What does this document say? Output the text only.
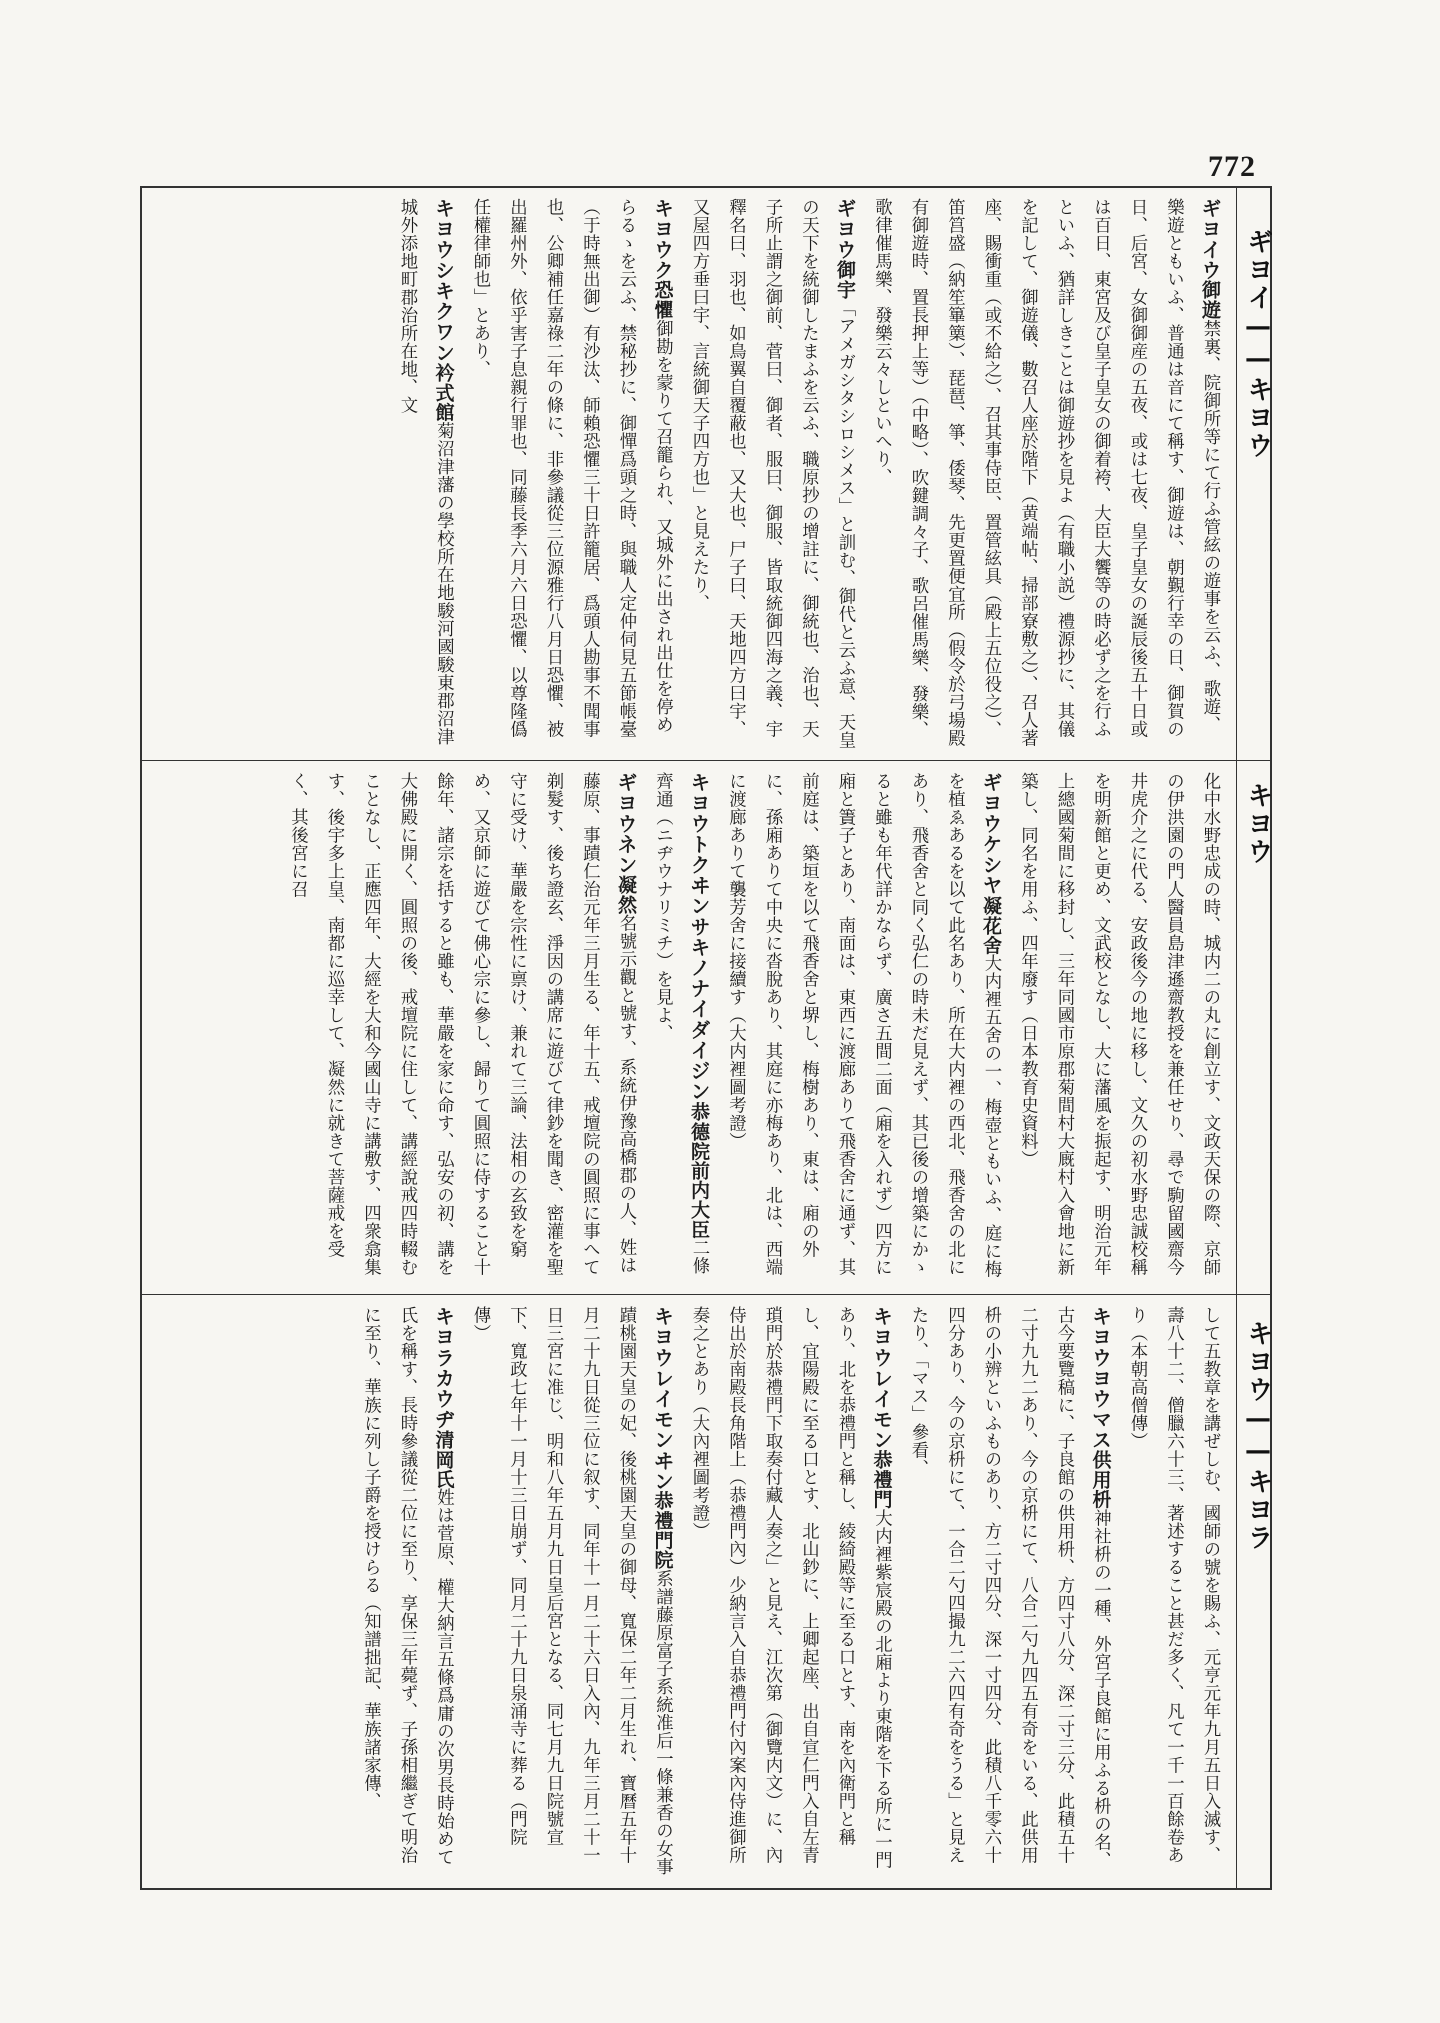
772
ギヨイ——キヨウ
キヨウ
キヨウ——キヨラ
ギヨイウ御遊禁裏、院御所等にて行ふ管絃の遊事を云ふ、歌遊、樂遊ともいふ、普通は音にて稱す、御遊は、朝覲行幸の日、御賀の日、后宮、女御御産の五夜、或は七夜、皇子皇女の誕辰後五十日或は百日、東宮及び皇子皇女の御着袴、大臣大饗等の時必ず之を行ふといふ、猶詳しきことは御遊抄を見よ（有職小説）禮源抄に、其儀を記して、御遊儀、數召人座於階下（黄端帖、掃部寮敷之）、召人著座、賜衝重（或不給之）、召其事侍臣、置管絃具（殿上五位役之）、笛筥盛（納笙篳篥）、琵琶、箏、倭琴、先更置便宜所（假令於弓場殿有御遊時、置長押上等）（中略）、吹鍵調々子、歌呂催馬樂、發樂、歌律催馬樂、發樂云々しといへり、
ギヨウ御宇「アメガシタシロシメス」と訓む、御代と云ふ意、天皇の天下を統御したまふを云ふ、職原抄の增註に、御統也、治也、天子所止謂之御前、菅曰、御者、服曰、御服、皆取統御四海之義、宇釋名曰、羽也、如鳥翼自覆蔽也、又大也、尸子曰、天地四方曰宇、又屋四方垂曰宇、言統御天子四方也」と見えたり、
キヨウク恐懼御勘を蒙りて召籠られ、又城外に出され出仕を停めらるゝを云ふ、禁秘抄に、御憚爲頭之時、與職人定仲伺見五節帳臺（于時無出御）有沙汰、師賴恐懼三十日許籠居、爲頭人勘事不聞事也、公卿補任嘉祿二年の條に、非參議從三位源雅行八月日恐懼、被出羅州外、依乎害子息親行罪也、同藤長季六月六日恐懼、以尊隆僞任權律師也」とあり、
キヨウシキクワン衿式館菊沼津藩の學校所在地駿河國駿東郡沼津城外添地町郡治所在地、文
化中水野忠成の時、城内二の丸に創立す、文政天保の際、京師の伊洪園の門人醫員島津遜齋教授を兼任せり、尋で駒留國齋今井虎介之に代る、安政後今の地に移し、文久の初水野忠誠校稱を明新館と更め、文武校となし、大に藩風を振起す、明治元年上總國菊間に移封し、三年同國市原郡菊間村大廐村入會地に新築し、同名を用ふ、四年廢す（日本教育史資料）
ギヨウケシヤ凝花舍大内裡五舍の一、梅壺ともいふ、庭に梅を植ゑあるを以て此名あり、所在大内裡の西北、飛香舍の北にあり、飛香舍と同く弘仁の時未だ見えず、其已後の增築にかゝると雖も年代詳かならず、廣さ五間二面（廂を入れず）四方に廂と簀子とあり、南面は、東西に渡廊ありて飛香舍に通ず、其前庭は、築垣を以て飛香舍と堺し、梅樹あり、東は、廂の外に、孫廂ありて中央に沓脫あり、其庭に亦梅あり、北は、西端に渡廊ありて襲芳舍に接續す（大内裡圖考證）
キヨウトクヰンサキノナイダイジン恭德院前内大臣二條齊通（ニヂウナリミチ）を見よ、
ギヨウネン凝然名號示觀と號す、系統伊豫高橋郡の人、姓は藤原、事蹟仁治元年三月生る、年十五、戒壇院の圓照に事へて剃髮す、後ち證玄、淨因の講席に遊びて律鈔を聞き、密灌を聖守に受け、華嚴を宗性に禀け、兼れて三論、法相の玄致を窮め、又京師に遊びて佛心宗に參し、歸りて圓照に侍すること十餘年、諸宗を括すると雖も、華嚴を家に命す、弘安の初、講を大佛殿に開く、圓照の後、戒壇院に住して、講經說戒四時輟むことなし、正應四年、大經を大和今國山寺に講敷す、四衆翕集す、後宇多上皇、南都に巡幸して、凝然に就きて菩薩戒を受く、其後宮に召
して五教章を講ぜしむ、國師の號を賜ふ、元亨元年九月五日入滅す、壽八十二、僧臘六十三、著述すること甚だ多く、凡て一千一百餘卷あり（本朝高僧傳）
キヨウヨウマス供用枡神社枡の一種、外宮子良館に用ふる枡の名、古今要覽稿に、子良館の供用枡、方四寸八分、深二寸三分、此積五十二寸九九二あり、今の京枡にて、八合二勺九四五有奇をいる、此供用枡の小辨といふものあり、方二寸四分、深一寸四分、此積八千零六十四分あり、今の京枡にて、一合二勺四撮九二六四有奇をうる」と見えたり、「マス」參看、
キヨウレイモン恭禮門大内裡紫宸殿の北廂より東階を下る所に一門あり、北を恭禮門と稱し、綾綺殿等に至る口とす、南を內衛門と稱し、宜陽殿に至る口とす、北山鈔に、上卿起座、出自宣仁門入自左青瑣門於恭禮門下取奏付藏人奏之」と見え、江次第（御覽内文）に、內侍出於南殿長角階上（恭禮門內）少納言入自恭禮門付內案內侍進御所奏之とあり（大內裡圖考證）
キヨウレイモンヰン恭禮門院系譜藤原富子系統准后一條兼香の女事蹟桃園天皇の妃、後桃園天皇の御母、寬保二年二月生れ、寶曆五年十月二十九日從三位に叙す、同年十一月二十六日入內、九年三月二十一日三宮に准じ、明和八年五月九日皇后宮となる、同七月九日院號宣下、寬政七年十一月十三日崩ず、同月二十九日泉涌寺に葬る（門院傳）
キヨラカウヂ清岡氏姓は菅原、權大納言五條爲庸の次男長時始めて氏を稱す、長時參議從二位に至り、享保三年薨ず、子孫相繼ぎて明治に至り、華族に列し子爵を授けらる（知譜拙記、華族諸家傳、
